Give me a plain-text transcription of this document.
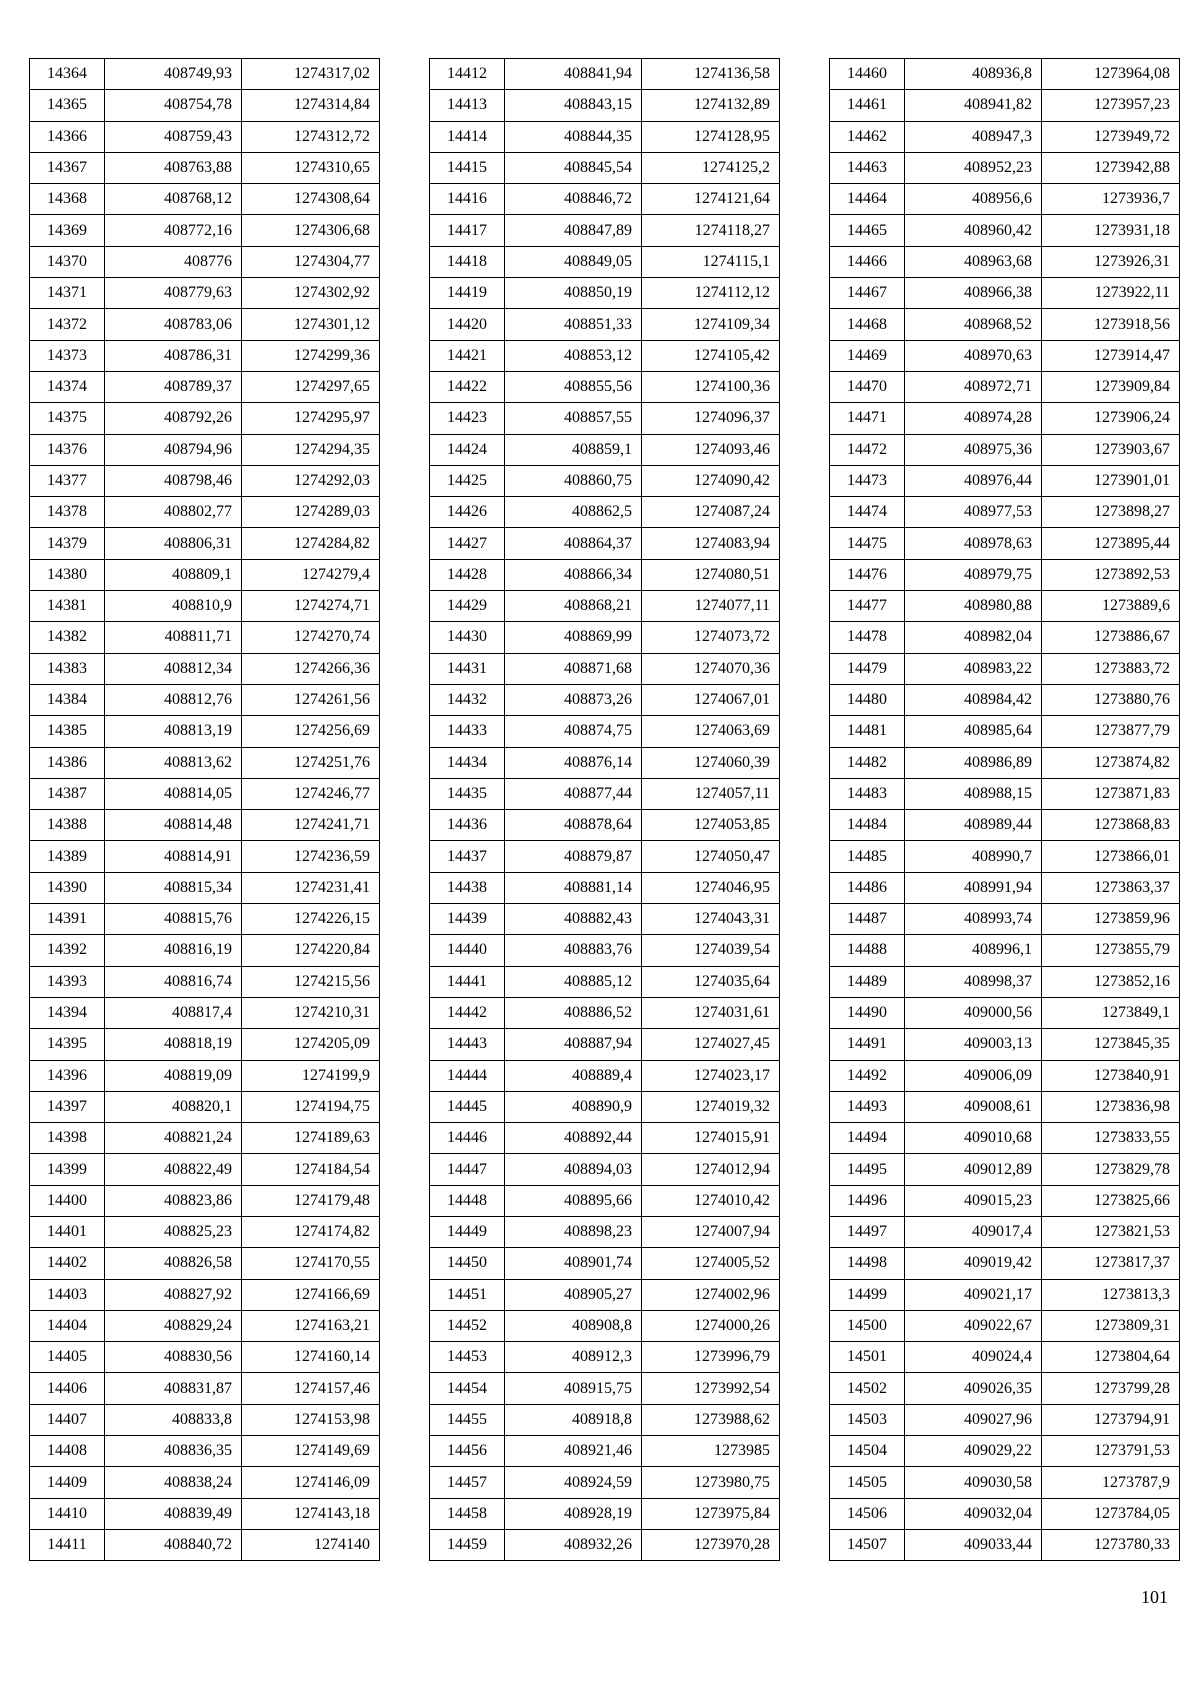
14364	408749,93	1274317,02
14365	408754,78	1274314,84
14366	408759,43	1274312,72
14367	408763,88	1274310,65
14368	408768,12	1274308,64
14369	408772,16	1274306,68
14370	408776	1274304,77
14371	408779,63	1274302,92
14372	408783,06	1274301,12
14373	408786,31	1274299,36
14374	408789,37	1274297,65
14375	408792,26	1274295,97
14376	408794,96	1274294,35
14377	408798,46	1274292,03
14378	408802,77	1274289,03
14379	408806,31	1274284,82
14380	408809,1	1274279,4
14381	408810,9	1274274,71
14382	408811,71	1274270,74
14383	408812,34	1274266,36
14384	408812,76	1274261,56
14385	408813,19	1274256,69
14386	408813,62	1274251,76
14387	408814,05	1274246,77
14388	408814,48	1274241,71
14389	408814,91	1274236,59
14390	408815,34	1274231,41
14391	408815,76	1274226,15
14392	408816,19	1274220,84
14393	408816,74	1274215,56
14394	408817,4	1274210,31
14395	408818,19	1274205,09
14396	408819,09	1274199,9
14397	408820,1	1274194,75
14398	408821,24	1274189,63
14399	408822,49	1274184,54
14400	408823,86	1274179,48
14401	408825,23	1274174,82
14402	408826,58	1274170,55
14403	408827,92	1274166,69
14404	408829,24	1274163,21
14405	408830,56	1274160,14
14406	408831,87	1274157,46
14407	408833,8	1274153,98
14408	408836,35	1274149,69
14409	408838,24	1274146,09
14410	408839,49	1274143,18
14411	408840,72	1274140
14412	408841,94	1274136,58
14413	408843,15	1274132,89
14414	408844,35	1274128,95
14415	408845,54	1274125,2
14416	408846,72	1274121,64
14417	408847,89	1274118,27
14418	408849,05	1274115,1
14419	408850,19	1274112,12
14420	408851,33	1274109,34
14421	408853,12	1274105,42
14422	408855,56	1274100,36
14423	408857,55	1274096,37
14424	408859,1	1274093,46
14425	408860,75	1274090,42
14426	408862,5	1274087,24
14427	408864,37	1274083,94
14428	408866,34	1274080,51
14429	408868,21	1274077,11
14430	408869,99	1274073,72
14431	408871,68	1274070,36
14432	408873,26	1274067,01
14433	408874,75	1274063,69
14434	408876,14	1274060,39
14435	408877,44	1274057,11
14436	408878,64	1274053,85
14437	408879,87	1274050,47
14438	408881,14	1274046,95
14439	408882,43	1274043,31
14440	408883,76	1274039,54
14441	408885,12	1274035,64
14442	408886,52	1274031,61
14443	408887,94	1274027,45
14444	408889,4	1274023,17
14445	408890,9	1274019,32
14446	408892,44	1274015,91
14447	408894,03	1274012,94
14448	408895,66	1274010,42
14449	408898,23	1274007,94
14450	408901,74	1274005,52
14451	408905,27	1274002,96
14452	408908,8	1274000,26
14453	408912,3	1273996,79
14454	408915,75	1273992,54
14455	408918,8	1273988,62
14456	408921,46	1273985
14457	408924,59	1273980,75
14458	408928,19	1273975,84
14459	408932,26	1273970,28
14460	408936,8	1273964,08
14461	408941,82	1273957,23
14462	408947,3	1273949,72
14463	408952,23	1273942,88
14464	408956,6	1273936,7
14465	408960,42	1273931,18
14466	408963,68	1273926,31
14467	408966,38	1273922,11
14468	408968,52	1273918,56
14469	408970,63	1273914,47
14470	408972,71	1273909,84
14471	408974,28	1273906,24
14472	408975,36	1273903,67
14473	408976,44	1273901,01
14474	408977,53	1273898,27
14475	408978,63	1273895,44
14476	408979,75	1273892,53
14477	408980,88	1273889,6
14478	408982,04	1273886,67
14479	408983,22	1273883,72
14480	408984,42	1273880,76
14481	408985,64	1273877,79
14482	408986,89	1273874,82
14483	408988,15	1273871,83
14484	408989,44	1273868,83
14485	408990,7	1273866,01
14486	408991,94	1273863,37
14487	408993,74	1273859,96
14488	408996,1	1273855,79
14489	408998,37	1273852,16
14490	409000,56	1273849,1
14491	409003,13	1273845,35
14492	409006,09	1273840,91
14493	409008,61	1273836,98
14494	409010,68	1273833,55
14495	409012,89	1273829,78
14496	409015,23	1273825,66
14497	409017,4	1273821,53
14498	409019,42	1273817,37
14499	409021,17	1273813,3
14500	409022,67	1273809,31
14501	409024,4	1273804,64
14502	409026,35	1273799,28
14503	409027,96	1273794,91
14504	409029,22	1273791,53
14505	409030,58	1273787,9
14506	409032,04	1273784,05
14507	409033,44	1273780,33
101
